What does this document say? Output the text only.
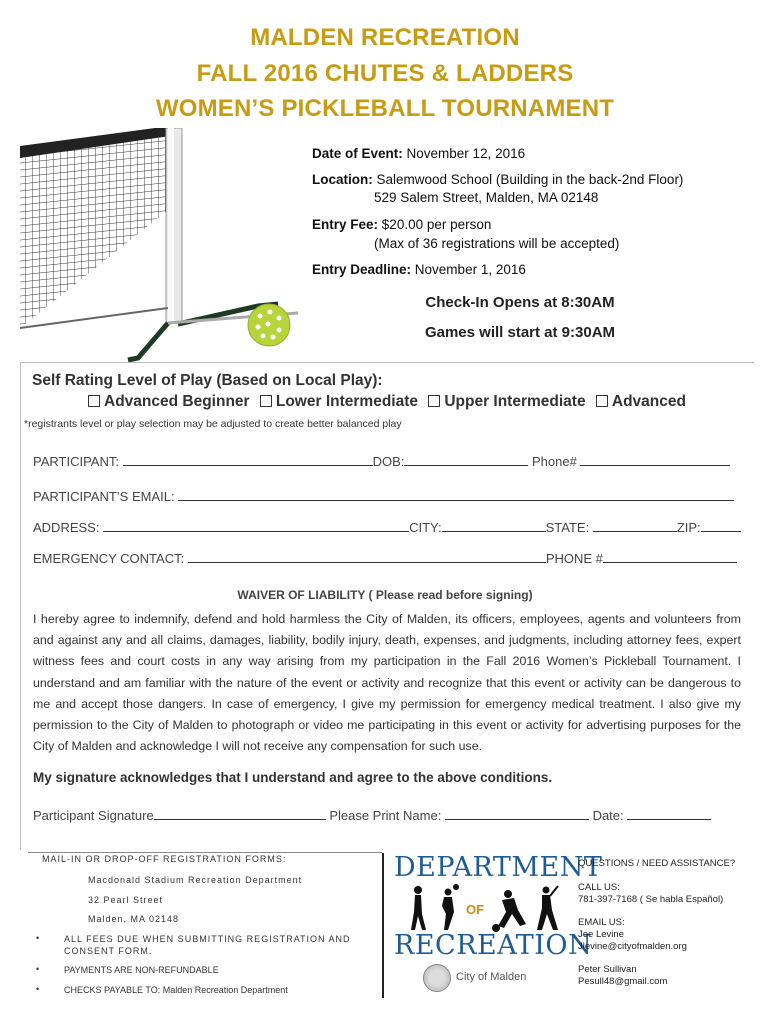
MALDEN RECREATION
FALL 2016 CHUTES & LADDERS
WOMEN’S PICKLEBALL TOURNAMENT
Date of Event: November 12, 2016
Location: Salemwood School (Building in the back-2nd Floor)
529 Salem Street, Malden, MA 02148
Entry Fee: $20.00 per person
(Max of 36 registrations will be accepted)
Entry Deadline: November 1, 2016
Check-In Opens at 8:30AM
Games will start at 9:30AM
Self Rating Level of Play (Based on Local Play):
Advanced Beginner Lower Intermediate Upper Intermediate Advanced
*registrants level or play selection may be adjusted to create better balanced play
PARTICIPANT:	DOB:	Phone#
PARTICIPANT’S EMAIL:
ADDRESS:	CITY:	STATE:	ZIP:
EMERGENCY CONTACT:	PHONE #
WAIVER OF LIABILITY ( Please read before signing)
I hereby agree to indemnify, defend and hold harmless the City of Malden, its officers, employees, agents and volunteers from and against any and all claims, damages, liability, bodily injury, death, expenses, and judgments, including attorney fees, expert witness fees and court costs in any way arising from my participation in the Fall 2016 Women’s Pickleball Tournament. I understand and am familiar with the nature of the event or activity and recognize that this event or activity can be dangerous to me and accept those dangers. In case of emergency, I give my permission for emergency medical treatment. I also give my permission to the City of Malden to photograph or video me participating in this event or activity for advertising purposes for the City of Malden and acknowledge I will not receive any compensation for such use.
My signature acknowledges that I understand and agree to the above conditions.
Participant Signature	Please Print Name:	Date:
MAIL-IN OR DROP-OFF REGISTRATION FORMS:
Macdonald Stadium Recreation Department
32 Pearl Street
Malden, MA 02148
•	ALL FEES DUE WHEN SUBMITTING REGISTRATION AND CONSENT FORM.
•	PAYMENTS ARE NON-REFUNDABLE
•	CHECKS PAYABLE TO: Malden Recreation Department
DEPARTMENT
OF
RECREATION
City of Malden
QUESTIONS / NEED ASSISTANCE?
CALL US:
781-397-7168 ( Se habla Español)
EMAIL US:
Joe Levine
Jlevine@cityofmalden.org
Peter Sullivan
Pesull48@gmail.com
